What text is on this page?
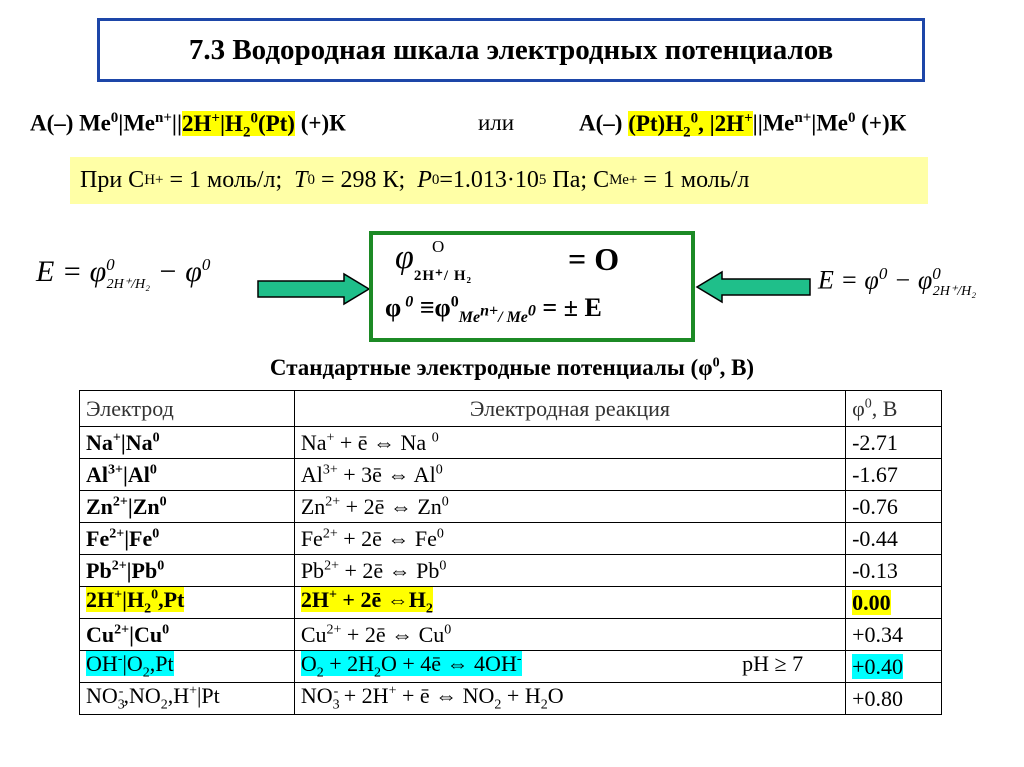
7.3 Водородная шкала электродных потенциалов
А(–) $Ме^0|Ме^{n+}||2Н^+|Н_2^0(Pt)$ (+)К	или	А(–) $(Pt)Н_2^0$, $|2Н^+||Ме^{n+}|Ме^0$ (+)К
При С Н + = 1 моль/л; Т 0 = 298 К; Р 0 =1.013·10 5 Па; С Ме + = 1 моль/л
$E = \varphi^0_{2H^+/H_2} - \varphi^0$	$\varphi_{2Н^+/ Н_2}^О$	= О
φ $^0 \equiv\varphi^0_{Me^{n+}/ Me^0}$ = ± E
$E = \varphi^0 - \varphi^0_{2H^+/H_2}$
Стандартные электродные потенциалы ($\varphi^0$, В)
Электрод	Электродная реакция	$\varphi^0$, В
Na+|Na$^0$	Na+ + ē ⇔ Na $^0$	-2.71
$Al^{3+}|Al^0$	$Al^{3+}$ + 3ē ⇔ Al$^0$	-1.67
$Zn^{2+}|Zn^0$	$Zn^{2+}$ + 2ē ⇔ Zn$^0$	-0.76
$Fe^{2+}|Fe^0$	$Fe^{2+}$ + 2ē ⇔ Fe$^0$	-0.44
$Pb^{2+}|Pb^0$	$Pb^{2+}$ + 2ē ⇔ Pb$^0$	-0.13
$2H^+|H_2^0,Pt$	2H+ + 2ē $\Leftrightarrow H_2$	0.00
$Cu^{2+}|Cu^0$	$Cu^{2+}$ + 2ē ⇔ $Cu^0$	+0.34
$OH^-|O_2,Pt$	$O_2 + 2H_2O$ + 4ē ⇔ 4OH- pH ≥ 7	+0.40
$NO_3^-,NO_2,H^+|Pt$	$NO_3^- + 2H^+$ + ē ⇔ $NO_2 + H_2O$	+0.80
